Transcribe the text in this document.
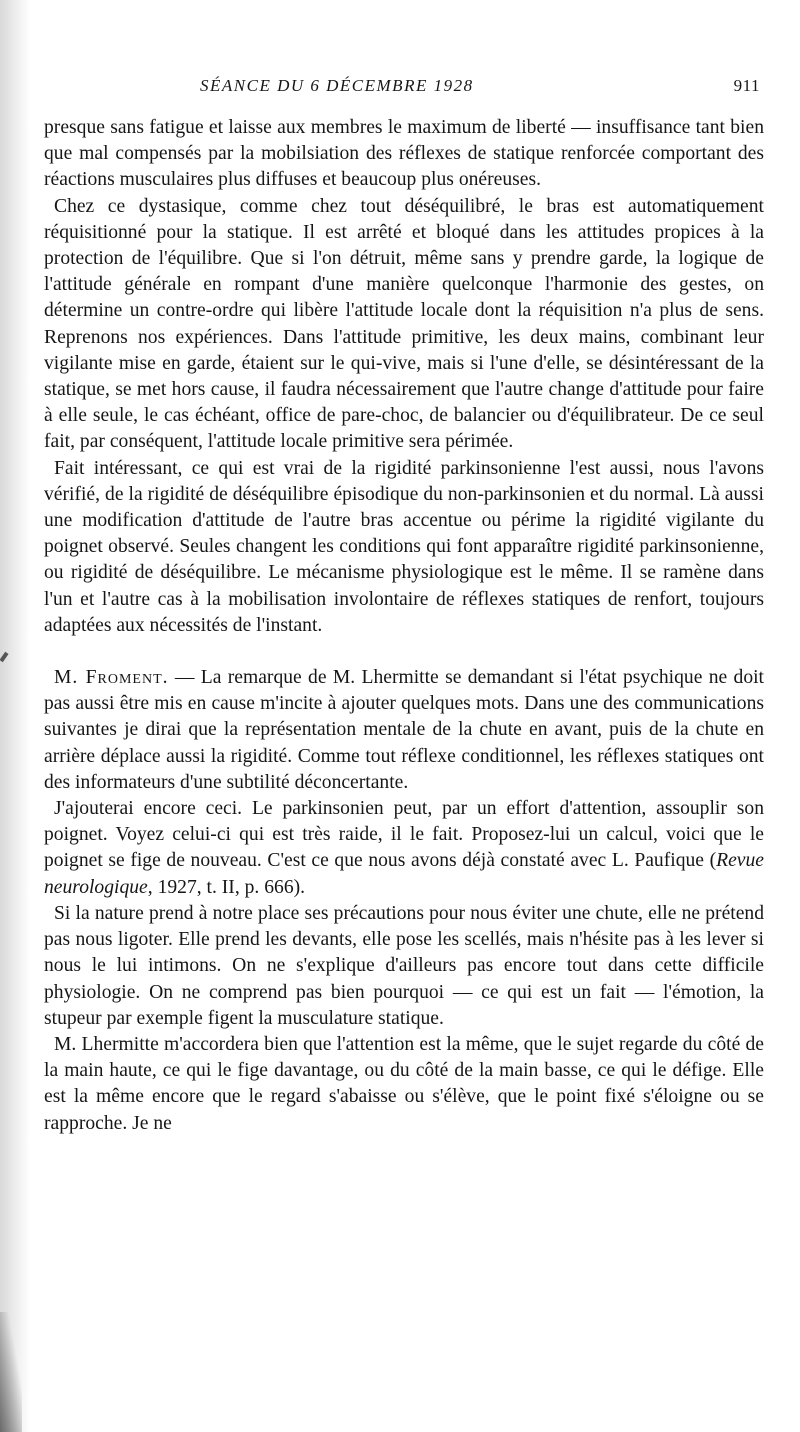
SÉANCE DU 6 DÉCEMBRE 1928	911

presque sans fatigue et laisse aux membres le maximum de liberté — insuffisance tant bien que mal compensés par la mobilsiation des réflexes de statique renforcée comportant des réactions musculaires plus diffuses et beaucoup plus onéreuses.

Chez ce dystasique, comme chez tout déséquilibré, le bras est automatiquement réquisitionné pour la statique. Il est arrêté et bloqué dans les attitudes propices à la protection de l'équilibre. Que si l'on détruit, même sans y prendre garde, la logique de l'attitude générale en rompant d'une manière quelconque l'harmonie des gestes, on détermine un contre-ordre qui libère l'attitude locale dont la réquisition n'a plus de sens. Reprenons nos expériences. Dans l'attitude primitive, les deux mains, combinant leur vigilante mise en garde, étaient sur le qui-vive, mais si l'une d'elle, se désintéressant de la statique, se met hors cause, il faudra nécessairement que l'autre change d'attitude pour faire à elle seule, le cas échéant, office de pare-choc, de balancier ou d'équilibrateur. De ce seul fait, par conséquent, l'attitude locale primitive sera périmée.

Fait intéressant, ce qui est vrai de la rigidité parkinsonienne l'est aussi, nous l'avons vérifié, de la rigidité de déséquilibre épisodique du non-parkinsonien et du normal. Là aussi une modification d'attitude de l'autre bras accentue ou périme la rigidité vigilante du poignet observé. Seules changent les conditions qui font apparaître rigidité parkinsonienne, ou rigidité de déséquilibre. Le mécanisme physiologique est le même. Il se ramène dans l'un et l'autre cas à la mobilisation involontaire de réflexes statiques de renfort, toujours adaptées aux nécessités de l'instant.

M. Froment. — La remarque de M. Lhermitte se demandant si l'état psychique ne doit pas aussi être mis en cause m'incite à ajouter quelques mots. Dans une des communications suivantes je dirai que la représentation mentale de la chute en avant, puis de la chute en arrière déplace aussi la rigidité. Comme tout réflexe conditionnel, les réflexes statiques ont des informateurs d'une subtilité déconcertante.

J'ajouterai encore ceci. Le parkinsonien peut, par un effort d'attention, assouplir son poignet. Voyez celui-ci qui est très raide, il le fait. Proposez-lui un calcul, voici que le poignet se fige de nouveau. C'est ce que nous avons déjà constaté avec L. Paufique (Revue neurologique, 1927, t. II, p. 666).

Si la nature prend à notre place ses précautions pour nous éviter une chute, elle ne prétend pas nous ligoter. Elle prend les devants, elle pose les scellés, mais n'hésite pas à les lever si nous le lui intimons. On ne s'explique d'ailleurs pas encore tout dans cette difficile physiologie. On ne comprend pas bien pourquoi — ce qui est un fait — l'émotion, la stupeur par exemple figent la musculature statique.

M. Lhermitte m'accordera bien que l'attention est la même, que le sujet regarde du côté de la main haute, ce qui le fige davantage, ou du côté de la main basse, ce qui le défige. Elle est la même encore que le regard s'abaisse ou s'élève, que le point fixé s'éloigne ou se rapproche. Je ne
